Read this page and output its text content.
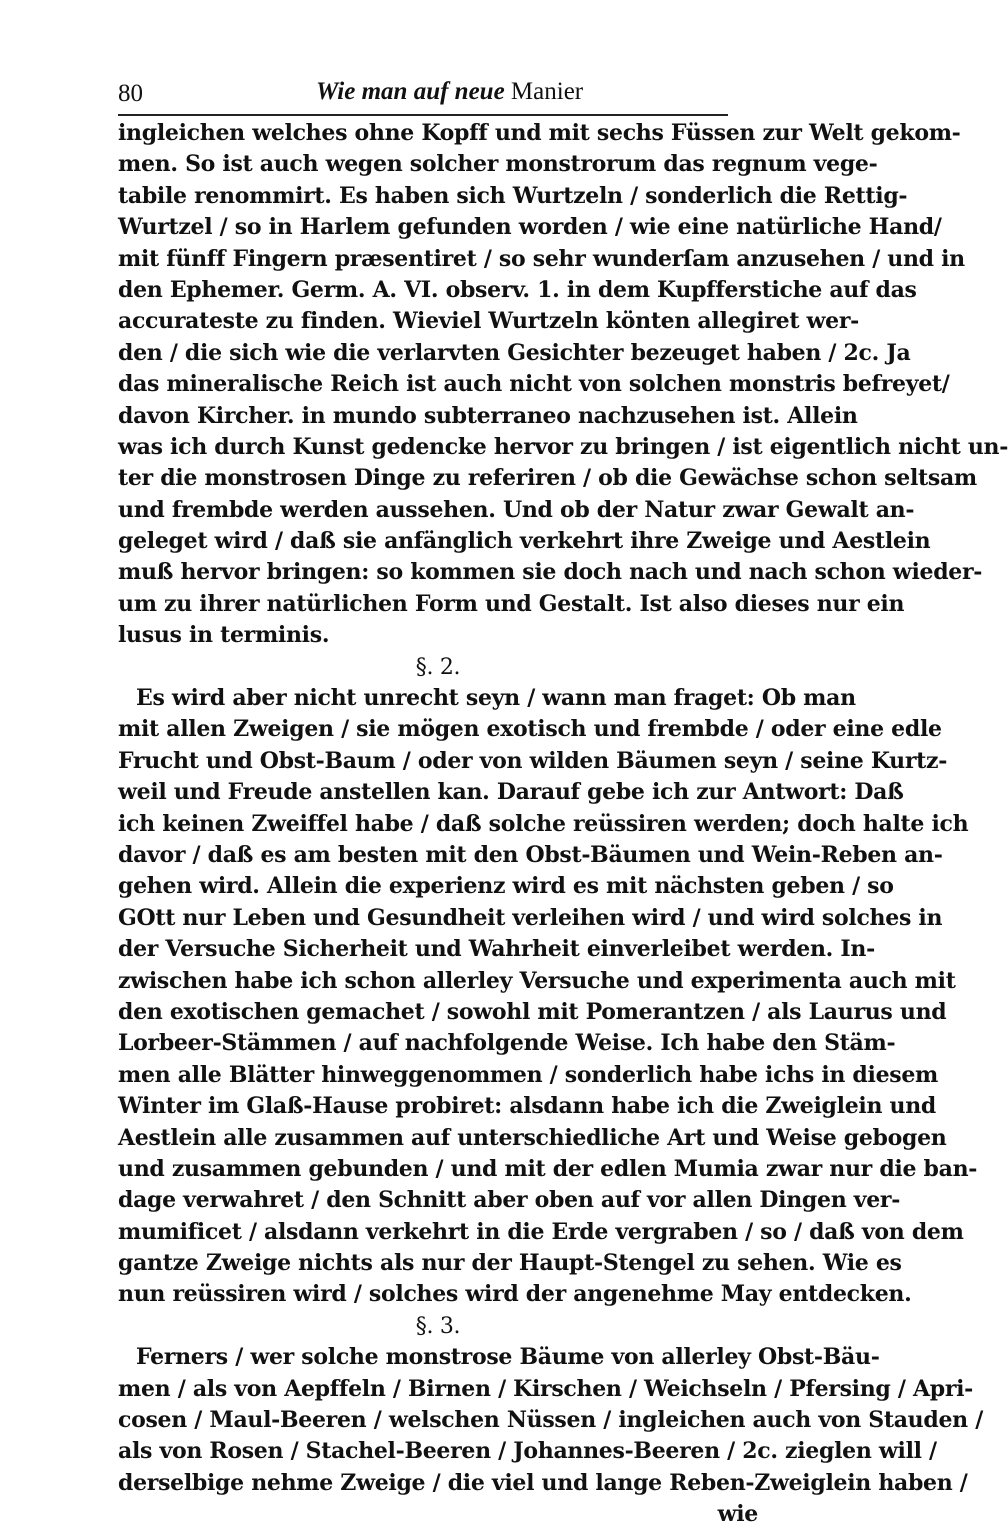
80	Wie man auf neue Manier
ingleichen welches ohne Kopff und mit sechs Füssen zur Welt gekom-
men. So ist auch wegen solcher monstrorum das regnum vege-
tabile renommirt. Es haben sich Wurtzeln / sonderlich die Rettig-
Wurtzel / so in Harlem gefunden worden / wie eine natürliche Hand/
mit fünff Fingern præsentiret / so sehr wunderſam anzusehen / und in
den Ephemer. Germ. A. VI. observ. 1. in dem Kupfferstiche auf das
accurateste zu finden. Wieviel Wurtzeln könten allegiret wer-
den / die sich wie die verlarvten Gesichter bezeuget haben / 2c. Ja
das mineralische Reich ist auch nicht von solchen monstris befreyet/
davon Kircher. in mundo subterraneo nachzusehen ist. Allein
was ich durch Kunst gedencke hervor zu bringen / ist eigentlich nicht un-
ter die monstrosen Dinge zu referiren / ob die Gewächse schon seltsam
und frembde werden aussehen. Und ob der Natur zwar Gewalt an-
geleget wird / daß sie anfänglich verkehrt ihre Zweige und Aestlein
muß hervor bringen: so kommen sie doch nach und nach schon wieder-
um zu ihrer natürlichen Form und Gestalt. Ist also dieses nur ein
lusus in terminis.
§. 2.
Es wird aber nicht unrecht seyn / wann man fraget: Ob man
mit allen Zweigen / sie mögen exotisch und frembde / oder eine edle
Frucht und Obst-Baum / oder von wilden Bäumen seyn / seine Kurtz-
weil und Freude anstellen kan. Darauf gebe ich zur Antwort: Daß
ich keinen Zweiffel habe / daß solche reüssiren werden; doch halte ich
davor / daß es am besten mit den Obst-Bäumen und Wein-Reben an-
gehen wird. Allein die experienz wird es mit nächsten geben / so
GOtt nur Leben und Gesundheit verleihen wird / und wird solches in
der Versuche Sicherheit und Wahrheit einverleibet werden. In-
zwischen habe ich schon allerley Versuche und experimenta auch mit
den exotischen gemachet / sowohl mit Pomerantzen / als Laurus und
Lorbeer-Stämmen / auf nachfolgende Weise. Ich habe den Stäm-
men alle Blätter hinweggenommen / sonderlich habe ichs in diesem
Winter im Glaß-Hause probiret: alsdann habe ich die Zweiglein und
Aestlein alle zusammen auf unterschiedliche Art und Weise gebogen
und zusammen gebunden / und mit der edlen Mumia zwar nur die ban-
dage verwahret / den Schnitt aber oben auf vor allen Dingen ver-
mumificet / alsdann verkehrt in die Erde vergraben / so / daß von dem
gantze Zweige nichts als nur der Haupt-Stengel zu sehen. Wie es
nun reüssiren wird / solches wird der angenehme May entdecken.
§. 3.
Ferners / wer solche monstrose Bäume von allerley Obst-Bäu-
men / als von Aepffeln / Birnen / Kirschen / Weichseln / Pfersing / Apri-
cosen / Maul-Beeren / welschen Nüssen / ingleichen auch von Stauden /
als von Rosen / Stachel-Beeren / Johannes-Beeren / 2c. zieglen will /
derselbige nehme Zweige / die viel und lange Reben-Zweiglein haben /
wie
